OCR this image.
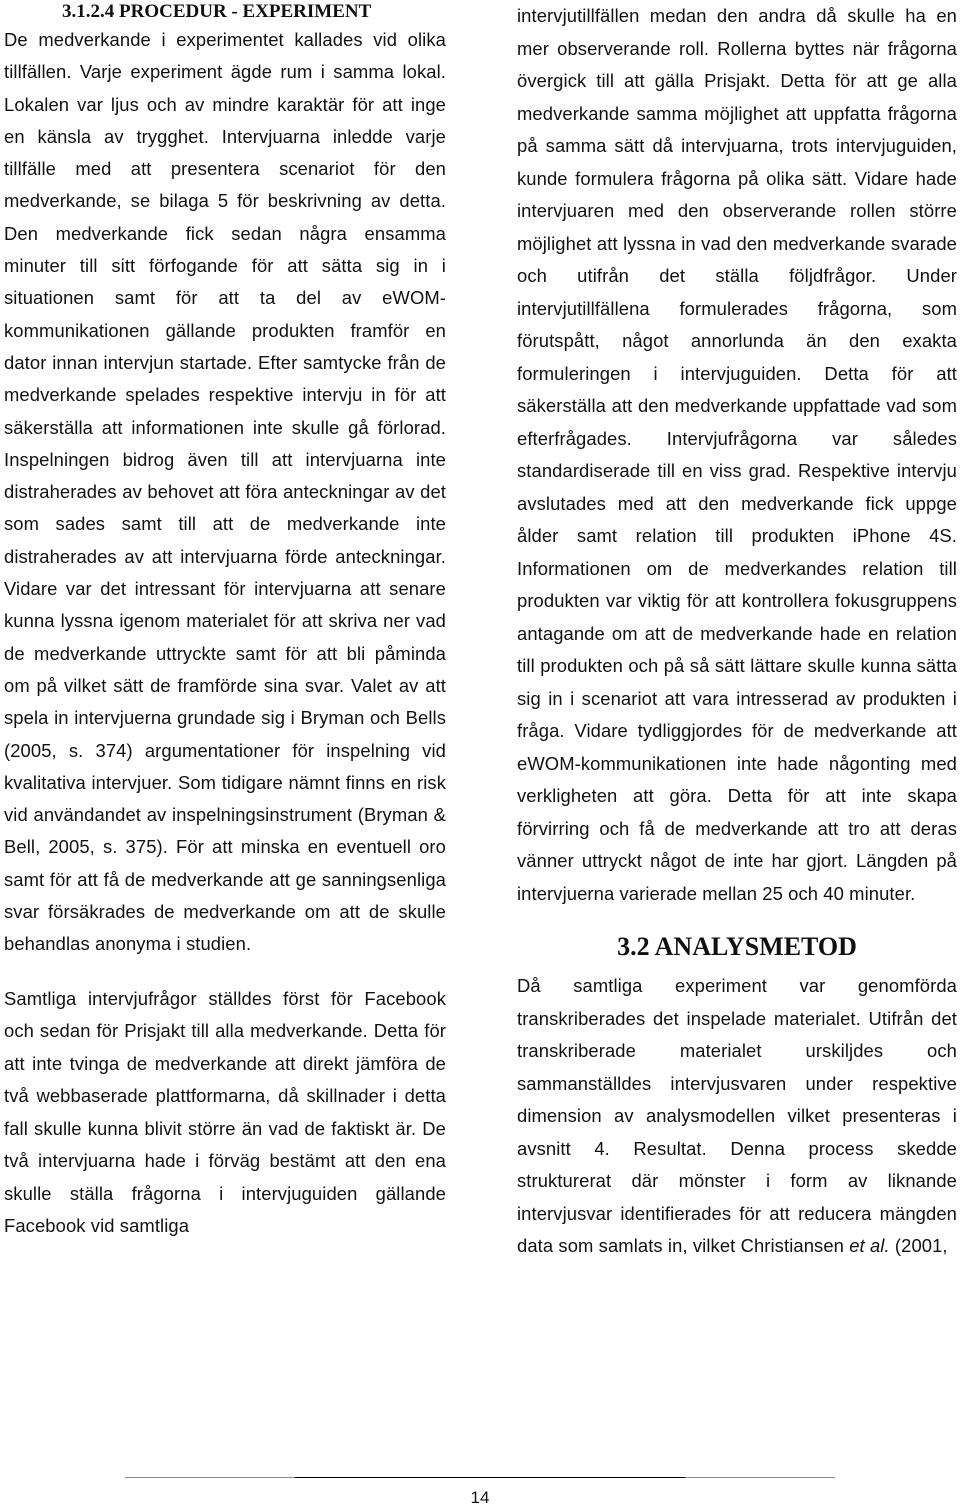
3.1.2.4 PROCEDUR - EXPERIMENT

De medverkande i experimentet kallades vid olika tillfällen. Varje experiment ägde rum i samma lokal. Lokalen var ljus och av mindre karaktär för att inge en känsla av trygghet. Intervjuarna inledde varje tillfälle med att presentera scenariot för den medverkande, se bilaga 5 för beskrivning av detta. Den medverkande fick sedan några ensamma minuter till sitt förfogande för att sätta sig in i situationen samt för att ta del av eWOM-kommunikationen gällande produkten framför en dator innan intervjun startade. Efter samtycke från de medverkande spelades respektive intervju in för att säkerställa att informationen inte skulle gå förlorad. Inspelningen bidrog även till att intervjuarna inte distraherades av behovet att föra anteckningar av det som sades samt till att de medverkande inte distraherades av att intervjuarna förde anteckningar. Vidare var det intressant för intervjuarna att senare kunna lyssna igenom materialet för att skriva ner vad de medverkande uttryckte samt för att bli påminda om på vilket sätt de framförde sina svar. Valet av att spela in intervjuerna grundade sig i Bryman och Bells (2005, s. 374) argumentationer för inspelning vid kvalitativa intervjuer. Som tidigare nämnt finns en risk vid användandet av inspelningsinstrument (Bryman & Bell, 2005, s. 375). För att minska en eventuell oro samt för att få de medverkande att ge sanningsenliga svar försäkrades de medverkande om att de skulle behandlas anonyma i studien.

Samtliga intervjufrågor ställdes först för Facebook och sedan för Prisjakt till alla medverkande. Detta för att inte tvinga de medverkande att direkt jämföra de två webbaserade plattformarna, då skillnader i detta fall skulle kunna blivit större än vad de faktiskt är. De två intervjuarna hade i förväg bestämt att den ena skulle ställa frågorna i intervjuguiden gällande Facebook vid samtliga

intervjutillfällen medan den andra då skulle ha en mer observerande roll. Rollerna byttes när frågorna övergick till att gälla Prisjakt. Detta för att ge alla medverkande samma möjlighet att uppfatta frågorna på samma sätt då intervjuarna, trots intervjuguiden, kunde formulera frågorna på olika sätt. Vidare hade intervjuaren med den observerande rollen större möjlighet att lyssna in vad den medverkande svarade och utifrån det ställa följdfrågor. Under intervjutillfällena formulerades frågorna, som förutspått, något annorlunda än den exakta formuleringen i intervjuguiden. Detta för att säkerställa att den medverkande uppfattade vad som efterfrågades. Intervjufrågorna var således standardiserade till en viss grad. Respektive intervju avslutades med att den medverkande fick uppge ålder samt relation till produkten iPhone 4S. Informationen om de medverkandes relation till produkten var viktig för att kontrollera fokusgruppens antagande om att de medverkande hade en relation till produkten och på så sätt lättare skulle kunna sätta sig in i scenariot att vara intresserad av produkten i fråga. Vidare tydliggjordes för de medverkande att eWOM-kommunikationen inte hade någonting med verkligheten att göra. Detta för att inte skapa förvirring och få de medverkande att tro att deras vänner uttryckt något de inte har gjort. Längden på intervjuerna varierade mellan 25 och 40 minuter.

3.2 ANALYSMETOD

Då samtliga experiment var genomförda transkriberades det inspelade materialet. Utifrån det transkriberade materialet urskiljdes och sammanställdes intervjusvaren under respektive dimension av analysmodellen vilket presenteras i avsnitt 4. Resultat. Denna process skedde strukturerat där mönster i form av liknande intervjusvar identifierades för att reducera mängden data som samlats in, vilket Christiansen et al. (2001,

14
